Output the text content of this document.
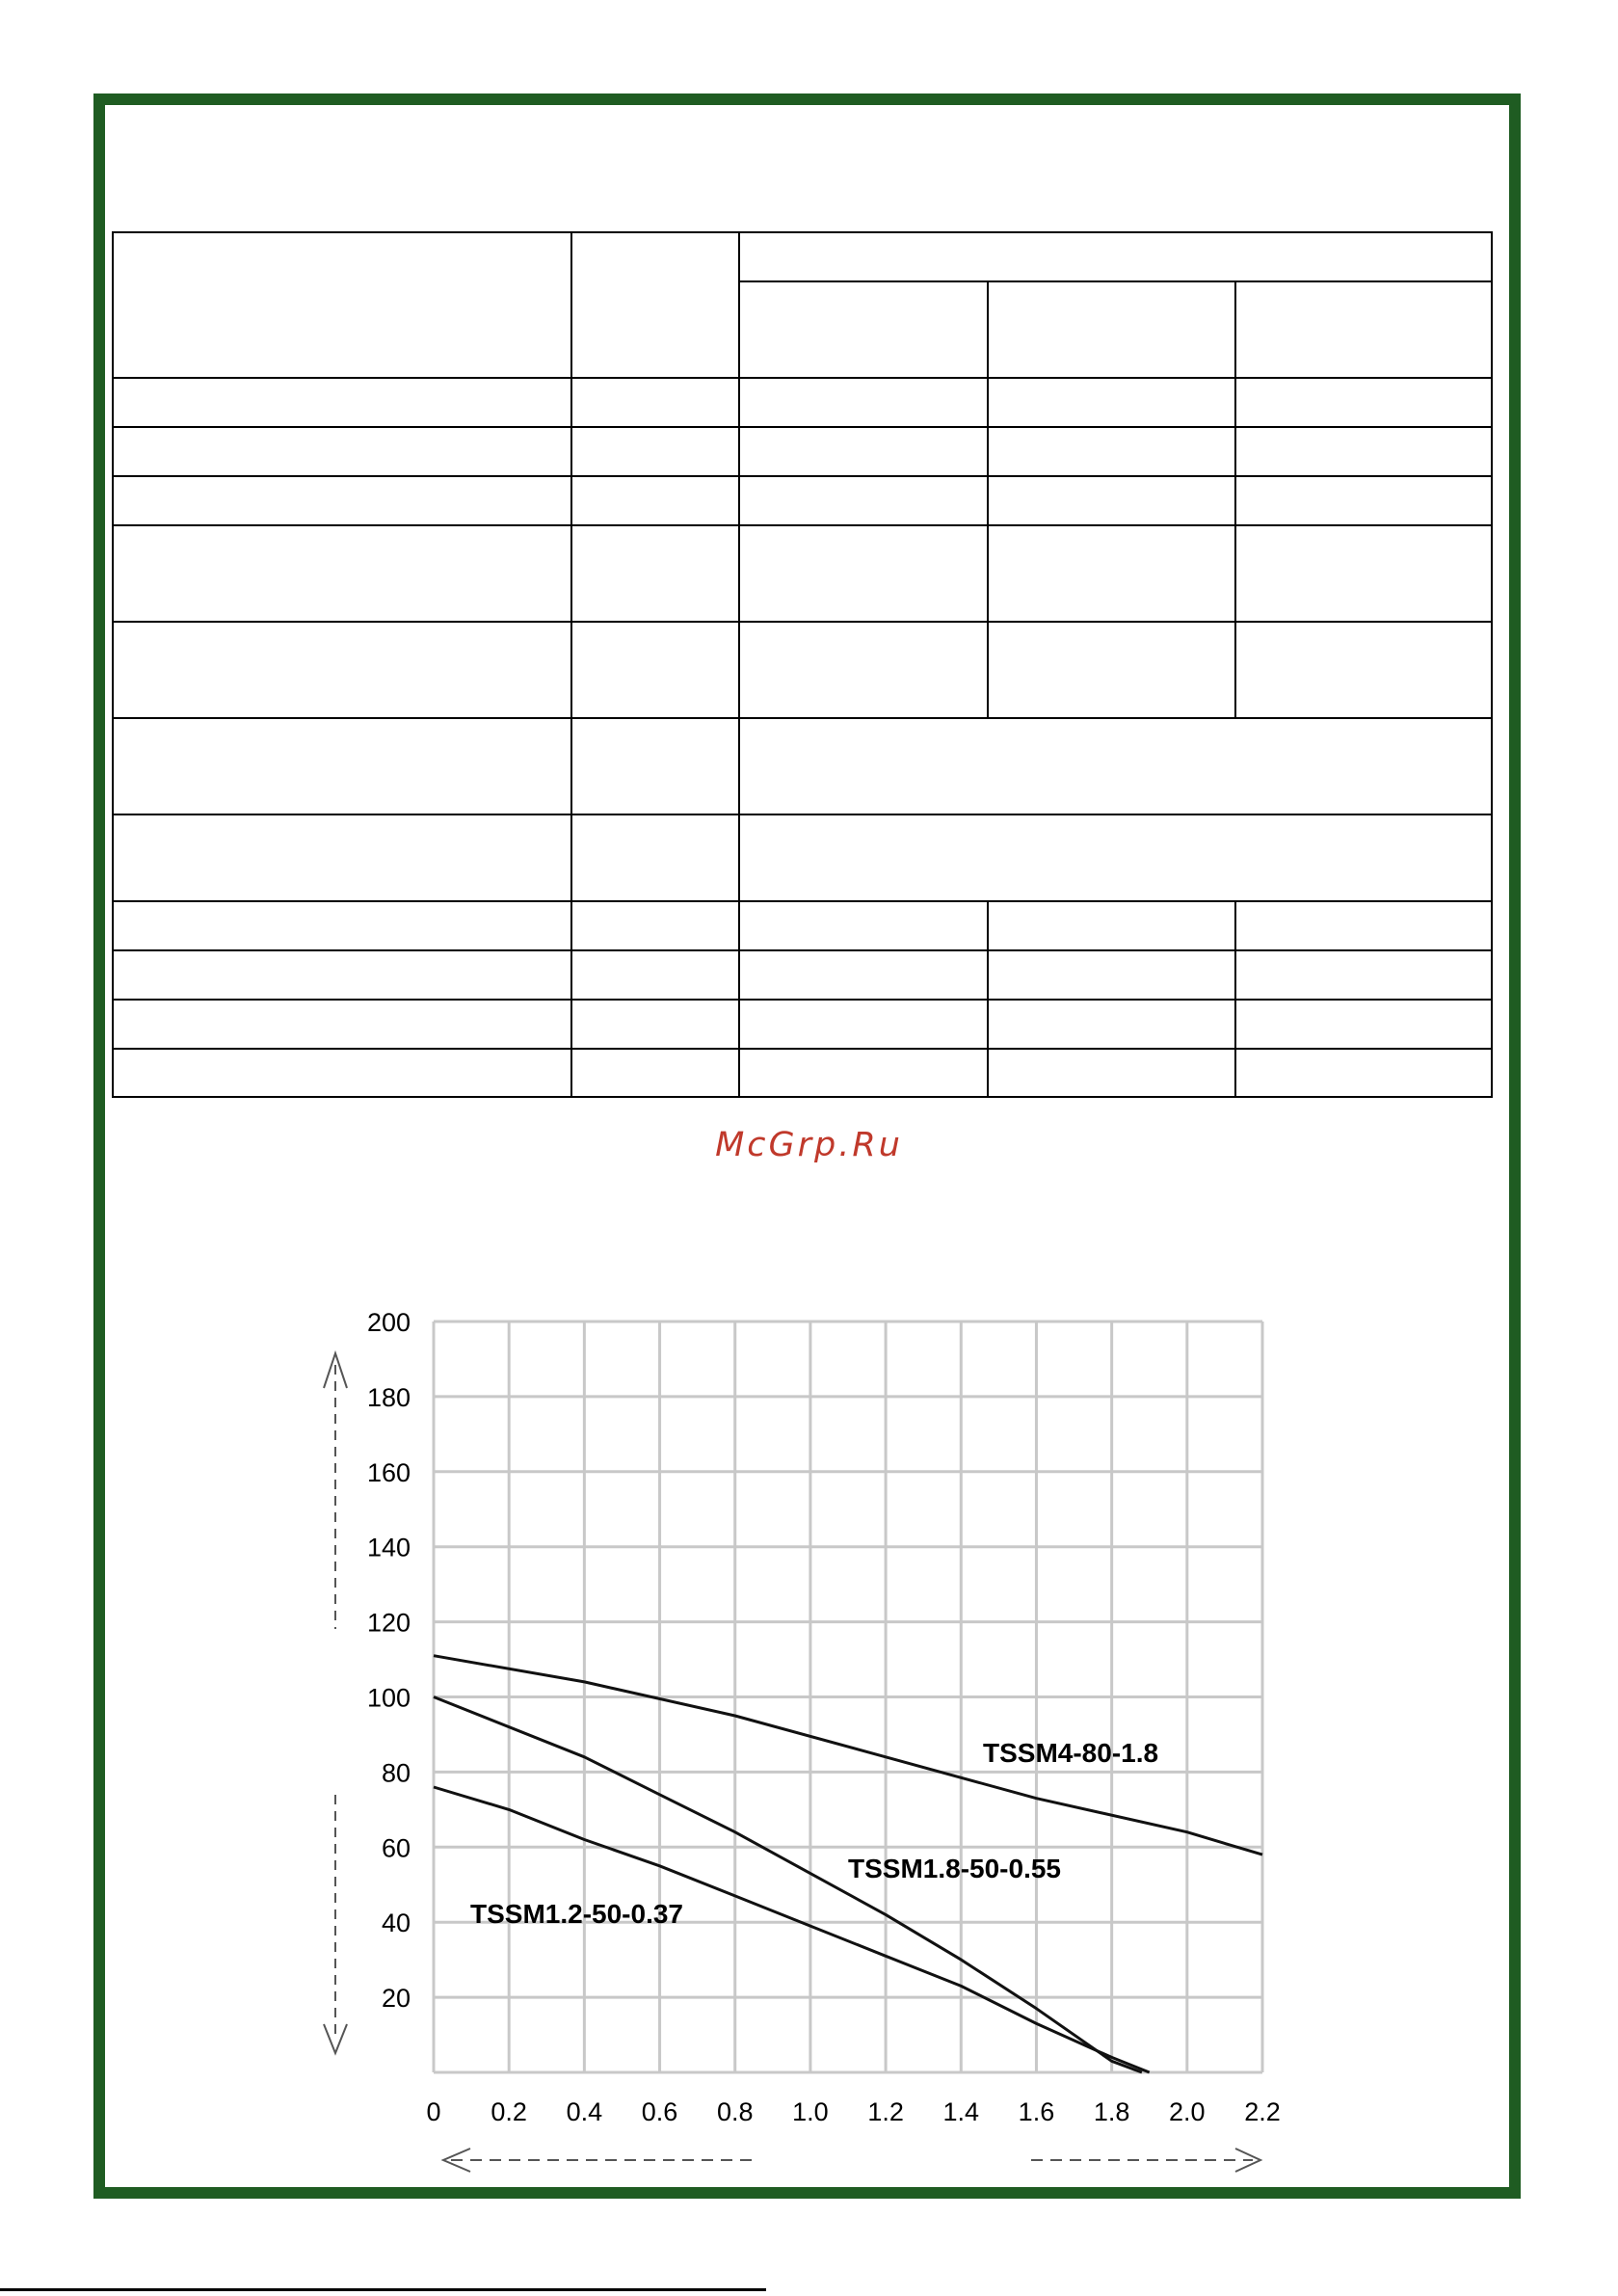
McGrp.Ru
0 0.2 0.4 0.6 0.8 1.0 1.2 1.4 1.6 1.8 2.0 2.2
20
40
60
80
100
120
140
160
180
200
TSSM4-80-1.8
TSSM1.8-50-0.55
TSSM1.2-50-0.37
